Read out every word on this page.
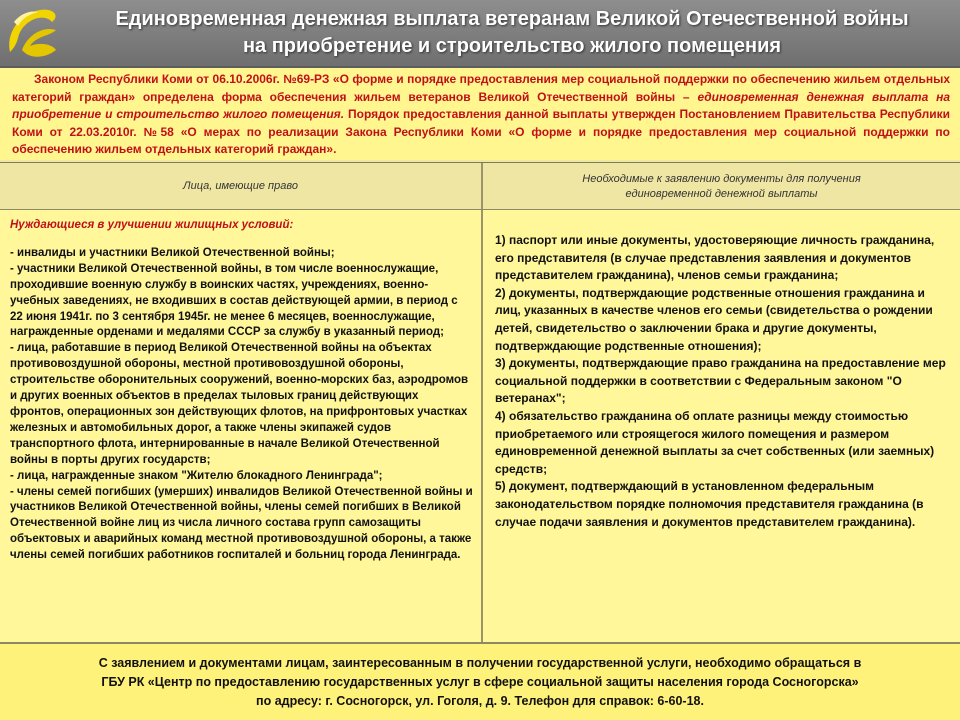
Единовременная денежная выплата ветеранам Великой Отечественной войны
на приобретение и строительство жилого помещения
Законом Республики Коми от 06.10.2006г. №69-РЗ «О форме и порядке предоставления мер социальной поддержки по обеспечению жильем отдельных категорий граждан» определена форма обеспечения жильем ветеранов Великой Отечественной войны – единовременная денежная выплата на приобретение и строительство жилого помещения. Порядок предоставления данной выплаты утвержден Постановлением Правительства Республики Коми от 22.03.2010г. №58 «О мерах по реализации Закона Республики Коми «О форме и порядке предоставления мер социальной поддержки по обеспечению жильем отдельных категорий граждан».
Лица, имеющие право
Необходимые к заявлению документы для получения
единовременной денежной выплаты
Нуждающиеся в улучшении жилищных условий:
- инвалиды и участники Великой Отечественной войны;
- участники Великой Отечественной войны, в том числе военнослужащие, проходившие военную службу в воинских частях, учреждениях, военно-учебных заведениях, не входивших в состав действующей армии, в период с 22 июня 1941г. по 3 сентября 1945г. не менее 6 месяцев, военнослужащие, награжденные орденами и медалями СССР за службу в указанный период;
- лица, работавшие в период Великой Отечественной войны на объектах противовоздушной обороны, местной противовоздушной обороны, строительстве оборонительных сооружений, военно-морских баз, аэродромов и других военных объектов в пределах тыловых границ действующих фронтов, операционных зон действующих флотов, на прифронтовых участках железных и автомобильных дорог, а также члены экипажей судов транспортного флота, интернированные в начале Великой Отечественной войны в порты других государств;
- лица, награжденные знаком "Жителю блокадного Ленинграда";
- члены семей погибших (умерших) инвалидов Великой Отечественной войны и участников Великой Отечественной войны, члены семей погибших в Великой Отечественной войне лиц из числа личного состава групп самозащиты объектовых и аварийных команд местной противовоздушной обороны, а также члены семей погибших работников госпиталей и больниц города Ленинграда.
1) паспорт или иные документы, удостоверяющие личность гражданина, его представителя (в случае представления заявления и документов представителем гражданина), членов семьи гражданина;
2) документы, подтверждающие родственные отношения гражданина и лиц, указанных в качестве членов его семьи (свидетельства о рождении детей, свидетельство о заключении брака и другие документы, подтверждающие родственные отношения);
3) документы, подтверждающие право гражданина на предоставление мер социальной поддержки в соответствии с Федеральным законом "О ветеранах";
4) обязательство гражданина об оплате разницы между стоимостью приобретаемого или строящегося жилого помещения и размером единовременной денежной выплаты за счет собственных (или заемных) средств;
5) документ, подтверждающий в установленном федеральным законодательством порядке полномочия представителя гражданина (в случае подачи заявления и документов представителем гражданина).
С заявлением и документами лицам, заинтересованным в получении государственной услуги, необходимо обращаться в
ГБУ РК «Центр по предоставлению государственных услуг в сфере социальной защиты населения города Сосногорска»
по адресу: г. Сосногорск, ул. Гоголя, д. 9. Телефон для справок: 6-60-18.
